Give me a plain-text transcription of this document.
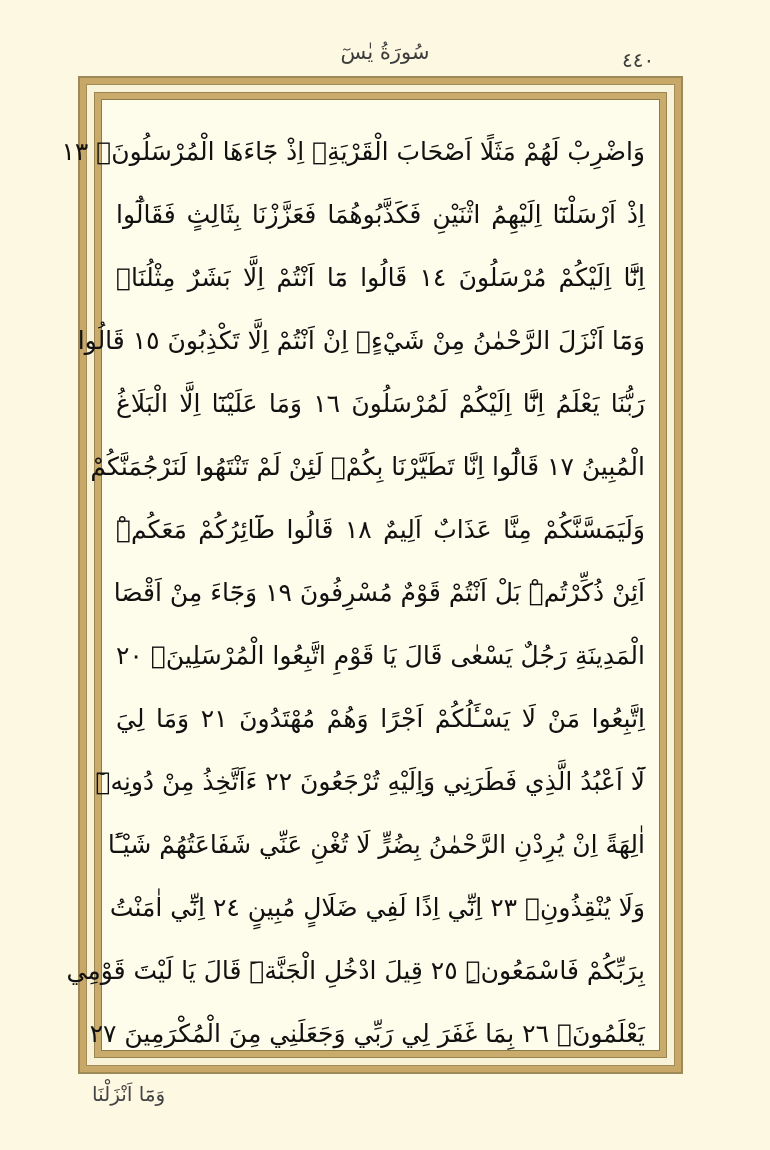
سُورَةُ يٰسٓ	٤٤٠
وَاضْرِبْ لَهُمْ مَثَلًا اَصْحَابَ الْقَرْيَةِۢ اِذْ جَٓاءَهَا الْمُرْسَلُونَۚ ١٣
اِذْ اَرْسَلْنَٓا اِلَيْهِمُ اثْنَيْنِ فَكَذَّبُوهُمَا فَعَزَّزْنَا بِثَالِثٍ فَقَالُٓوا
اِنَّٓا اِلَيْكُمْ مُرْسَلُونَ ١٤ قَالُوا مَٓا اَنْتُمْ اِلَّا بَشَرٌ مِثْلُنَاۙ
وَمَٓا اَنْزَلَ الرَّحْمٰنُ مِنْ شَيْءٍۙ اِنْ اَنْتُمْ اِلَّا تَكْذِبُونَ ١٥ قَالُوا
رَبُّنَا يَعْلَمُ اِنَّٓا اِلَيْكُمْ لَمُرْسَلُونَ ١٦ وَمَا عَلَيْنَٓا اِلَّا الْبَلَاغُ
الْمُبِينُ ١٧ قَالُٓوا اِنَّا تَطَيَّرْنَا بِكُمْۚ لَئِنْ لَمْ تَنْتَهُوا لَنَرْجُمَنَّكُمْ
وَلَيَمَسَّنَّكُمْ مِنَّا عَذَابٌ اَلِيمٌ ١٨ قَالُوا طَٓائِرُكُمْ مَعَكُمْۜ
اَئِنْ ذُكِّرْتُمْۜ بَلْ اَنْتُمْ قَوْمٌ مُسْرِفُونَ ١٩ وَجَٓاءَ مِنْ اَقْصَا
الْمَدِينَةِ رَجُلٌ يَسْعٰى قَالَ يَا قَوْمِ اتَّبِعُوا الْمُرْسَلِينَۙ ٢٠
اِتَّبِعُوا مَنْ لَا يَسْـَٔلُكُمْ اَجْرًا وَهُمْ مُهْتَدُونَ ٢١ وَمَا لِيَ
لَٓا اَعْبُدُ الَّذِي فَطَرَنِي وَاِلَيْهِ تُرْجَعُونَ ٢٢ ءَاَتَّخِذُ مِنْ دُونِه۪ٓ
اٰلِهَةً اِنْ يُرِدْنِ الرَّحْمٰنُ بِضُرٍّ لَا تُغْنِ عَنِّي شَفَاعَتُهُمْ شَيْـًٔا
وَلَا يُنْقِذُونِۚ ٢٣ اِنِّٓي اِذًا لَفِي ضَلَالٍ مُبِينٍ ٢٤ اِنِّٓي اٰمَنْتُ
بِرَبِّكُمْ فَاسْمَعُونِۜ ٢٥ قِيلَ ادْخُلِ الْجَنَّةَۜ قَالَ يَا لَيْتَ قَوْمِي
يَعْلَمُونَۙ ٢٦ بِمَا غَفَرَ لِي رَبِّي وَجَعَلَنِي مِنَ الْمُكْرَمِينَ ٢٧
وَمَٓا اَنْزَلْنَا
